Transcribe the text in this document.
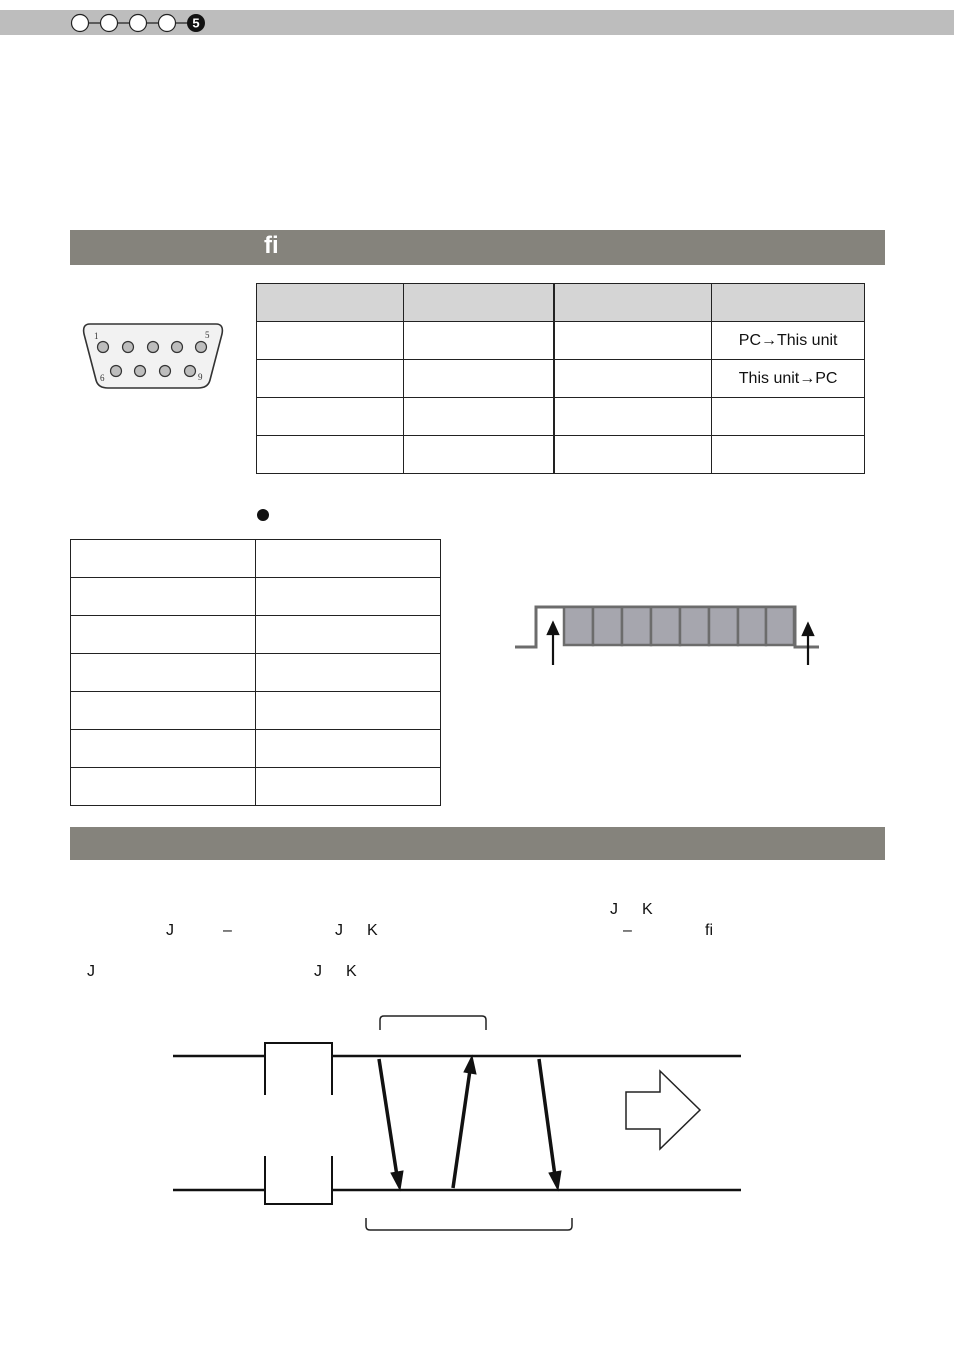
5
fi
1	5
6	9

			PC→This unit
			This unit→PC

J K
J	–	J K	–	fi
J	J K
